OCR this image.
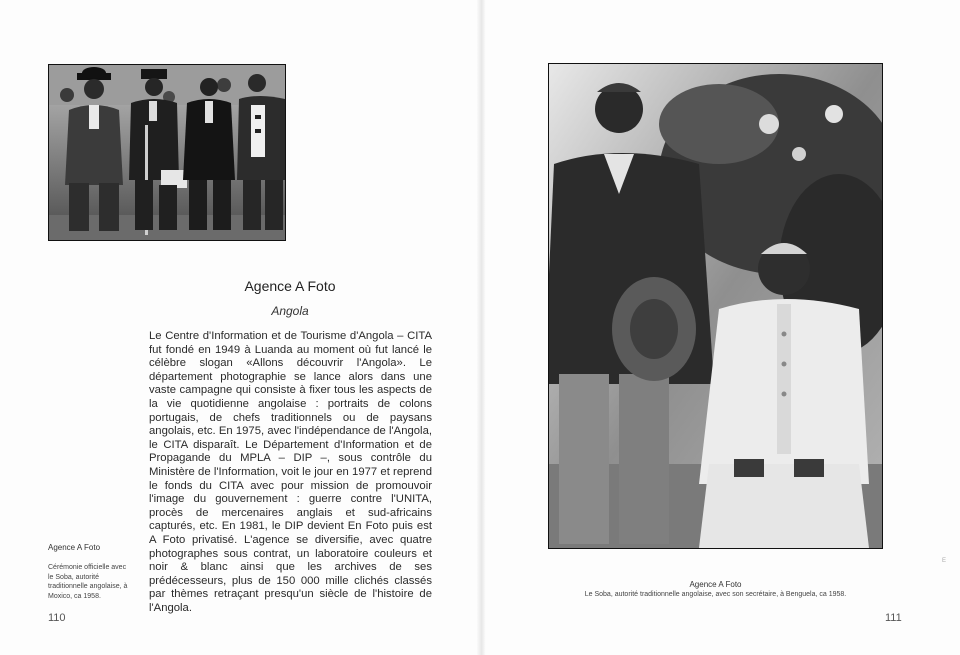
Agence A Foto
Angola

Le Centre d'Information et de Tourisme d'Angola – CITA fut fondé en 1949 à Luanda au moment où fut lancé le célèbre slogan «Allons découvrir l'Angola». Le département photographie se lance alors dans une vaste campagne qui consiste à fixer tous les aspects de la vie quotidienne angolaise : portraits de colons portugais, de chefs traditionnels ou de paysans angolais, etc. En 1975, avec l'indépendance de l'Angola, le CITA disparaît. Le Département d'Information et de Propagande du MPLA – DIP –, sous contrôle du Ministère de l'Information, voit le jour en 1977 et reprend le fonds du CITA avec pour mission de promouvoir l'image du gouvernement : guerre contre l'UNITA, procès de mercenaires anglais et sud-africains capturés, etc. En 1981, le DIP devient En Foto puis est A Foto privatisé. L'agence se diversifie, avec quatre photographes sous contrat, un laboratoire couleurs et noir & blanc ainsi que les archives de ses prédécesseurs, plus de 150 000 mille clichés classés par thèmes retraçant presqu'un siècle de l'histoire de l'Angola.

Agence A Foto

Cérémonie officielle avec le Soba, autorité traditionnelle angolaise, à Moxico, ca 1958.

110
Agence A Foto
Le Soba, autorité traditionnelle angolaise, avec son secrétaire, à Benguela, ca 1958.
E
111
